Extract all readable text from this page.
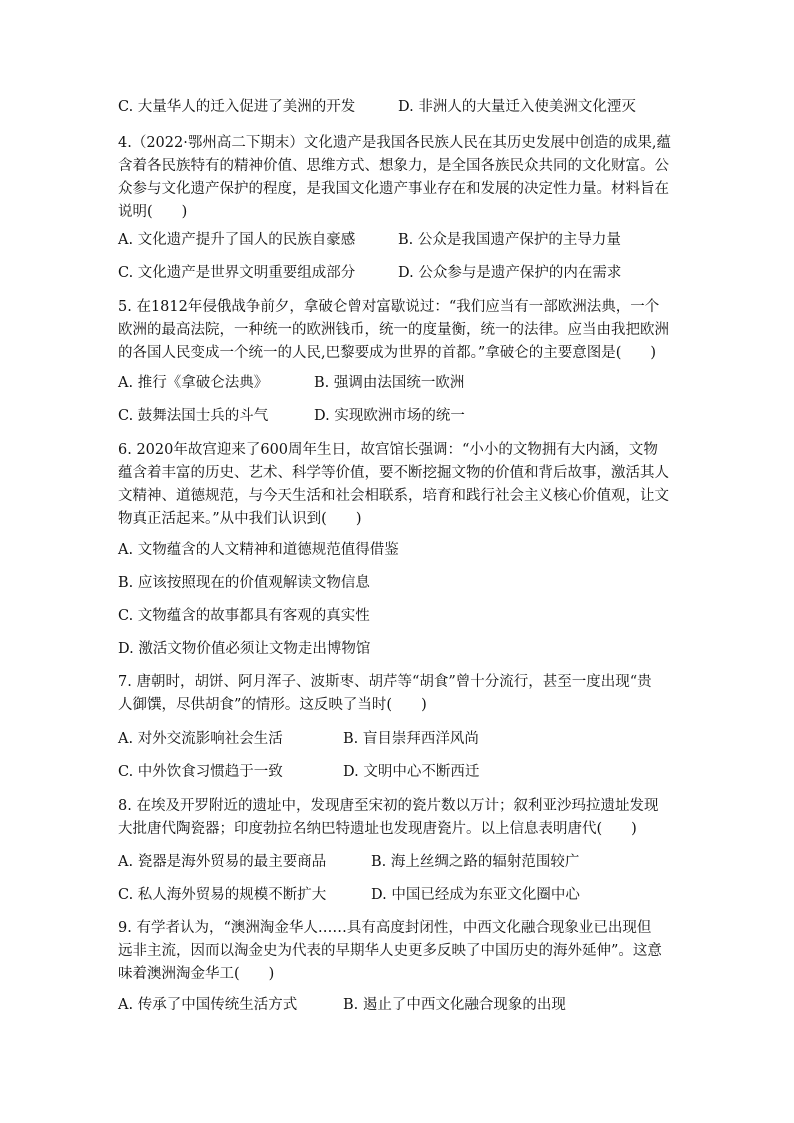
C. 大量华人的迁入促进了美洲的开发	D. 非洲人的大量迁入使美洲文化湮灭
4.（2022·鄂州高二下期末）文化遗产是我国各民族人民在其历史发展中创造的成果,蕴
含着各民族特有的精神价值、思维方式、想象力，是全国各族民众共同的文化财富。公
众参与文化遗产保护的程度，是我国文化遗产事业存在和发展的决定性力量。材料旨在
说明(　　)
A. 文化遗产提升了国人的民族自豪感	B. 公众是我国遗产保护的主导力量
C. 文化遗产是世界文明重要组成部分	D. 公众参与是遗产保护的内在需求
5. 在1812年侵俄战争前夕，拿破仑曾对富歇说过：“我们应当有一部欧洲法典，一个
欧洲的最高法院，一种统一的欧洲钱币，统一的度量衡，统一的法律。应当由我把欧洲
的各国人民变成一个统一的人民,巴黎要成为世界的首都。”拿破仑的主要意图是(　　)
A. 推行《拿破仑法典》	B. 强调由法国统一欧洲
C. 鼓舞法国士兵的斗气	D. 实现欧洲市场的统一
6. 2020年故宫迎来了600周年生日，故宫馆长强调：“小小的文物拥有大内涵，文物
蕴含着丰富的历史、艺术、科学等价值，要不断挖掘文物的价值和背后故事，激活其人
文精神、道德规范，与今天生活和社会相联系，培育和践行社会主义核心价值观，让文
物真正活起来。”从中我们认识到(　　)
A. 文物蕴含的人文精神和道德规范值得借鉴
B. 应该按照现在的价值观解读文物信息
C. 文物蕴含的故事都具有客观的真实性
D. 激活文物价值必须让文物走出博物馆
7. 唐朝时，胡饼、阿月浑子、波斯枣、胡芹等“胡食”曾十分流行，甚至一度出现“贵
人御馔，尽供胡食”的情形。这反映了当时(　　)
A. 对外交流影响社会生活	B. 盲目崇拜西洋风尚
C. 中外饮食习惯趋于一致	D. 文明中心不断西迁
8. 在埃及开罗附近的遗址中，发现唐至宋初的瓷片数以万计；叙利亚沙玛拉遗址发现
大批唐代陶瓷器；印度勃拉名纳巴特遗址也发现唐瓷片。以上信息表明唐代(　　)
A. 瓷器是海外贸易的最主要商品	B. 海上丝绸之路的辐射范围较广
C. 私人海外贸易的规模不断扩大	D. 中国已经成为东亚文化圈中心
9. 有学者认为，“澳洲淘金华人……具有高度封闭性，中西文化融合现象业已出现但
远非主流，因而以淘金史为代表的早期华人史更多反映了中国历史的海外延伸”。这意
味着澳洲淘金华工(　　)
A. 传承了中国传统生活方式	B. 遏止了中西文化融合现象的出现
